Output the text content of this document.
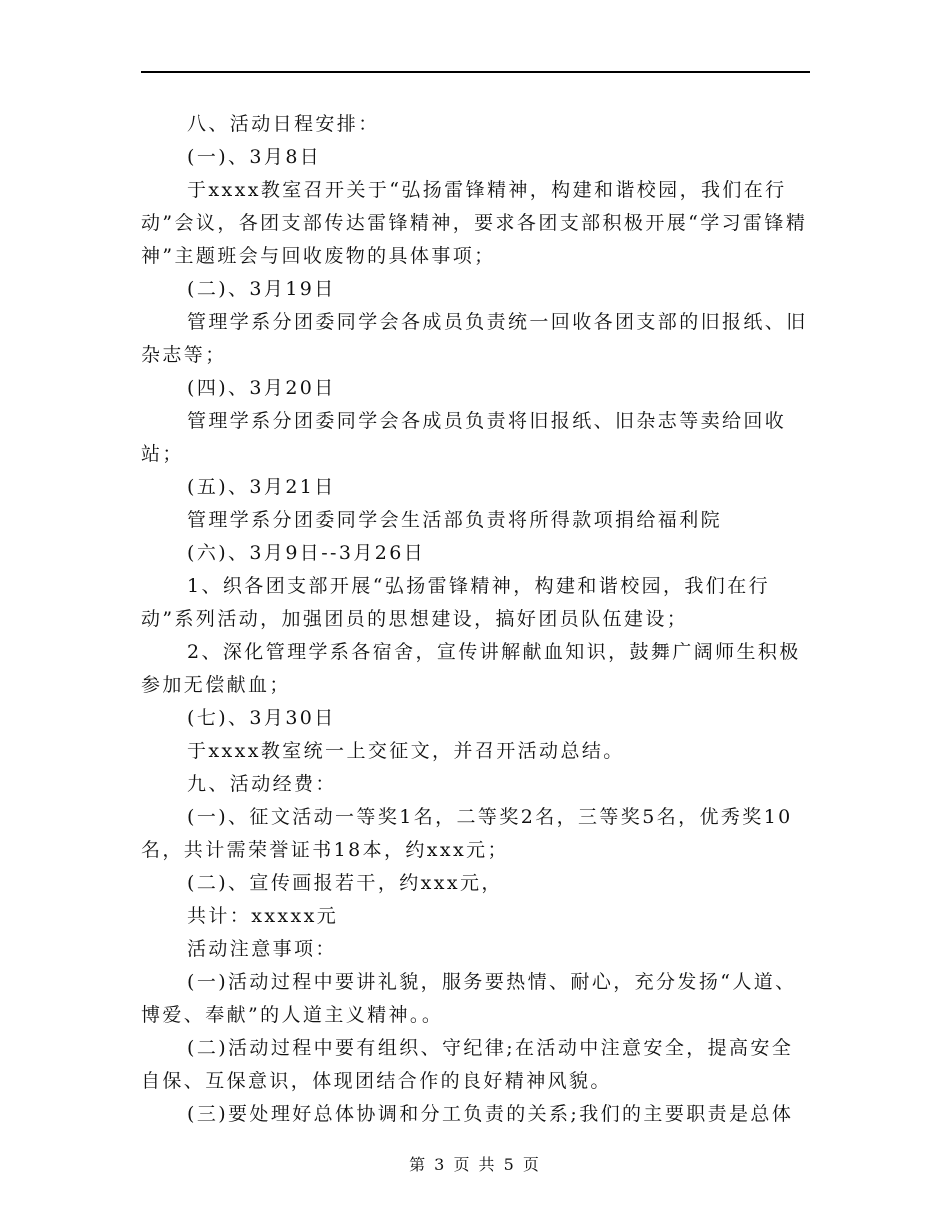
八、活动日程安排：

(一)、3月8日

于xxxx教室召开关于“弘扬雷锋精神，构建和谐校园，我们在行动”会议，各团支部传达雷锋精神，要求各团支部积极开展“学习雷锋精神”主题班会与回收废物的具体事项；

(二)、3月19日

管理学系分团委同学会各成员负责统一回收各团支部的旧报纸、旧杂志等；

(四)、3月20日

管理学系分团委同学会各成员负责将旧报纸、旧杂志等卖给回收站；

(五)、3月21日

管理学系分团委同学会生活部负责将所得款项捐给福利院

(六)、3月9日--3月26日

1、织各团支部开展“弘扬雷锋精神，构建和谐校园，我们在行动”系列活动，加强团员的思想建设，搞好团员队伍建设；

2、深化管理学系各宿舍，宣传讲解献血知识，鼓舞广阔师生积极参加无偿献血；

(七)、3月30日

于xxxx教室统一上交征文，并召开活动总结。

九、活动经费：

(一)、征文活动一等奖1名，二等奖2名，三等奖5名，优秀奖10名，共计需荣誉证书18本，约xxx元；

(二)、宣传画报若干，约xxx元，

共计：xxxxx元

活动注意事项：

(一)活动过程中要讲礼貌，服务要热情、耐心，充分发扬“人道、博爱、奉献”的人道主义精神。。

(二)活动过程中要有组织、守纪律;在活动中注意安全，提高安全自保、互保意识，体现团结合作的良好精神风貌。

(三)要处理好总体协调和分工负责的关系;我们的主要职责是总体

第 3 页 共 5 页
